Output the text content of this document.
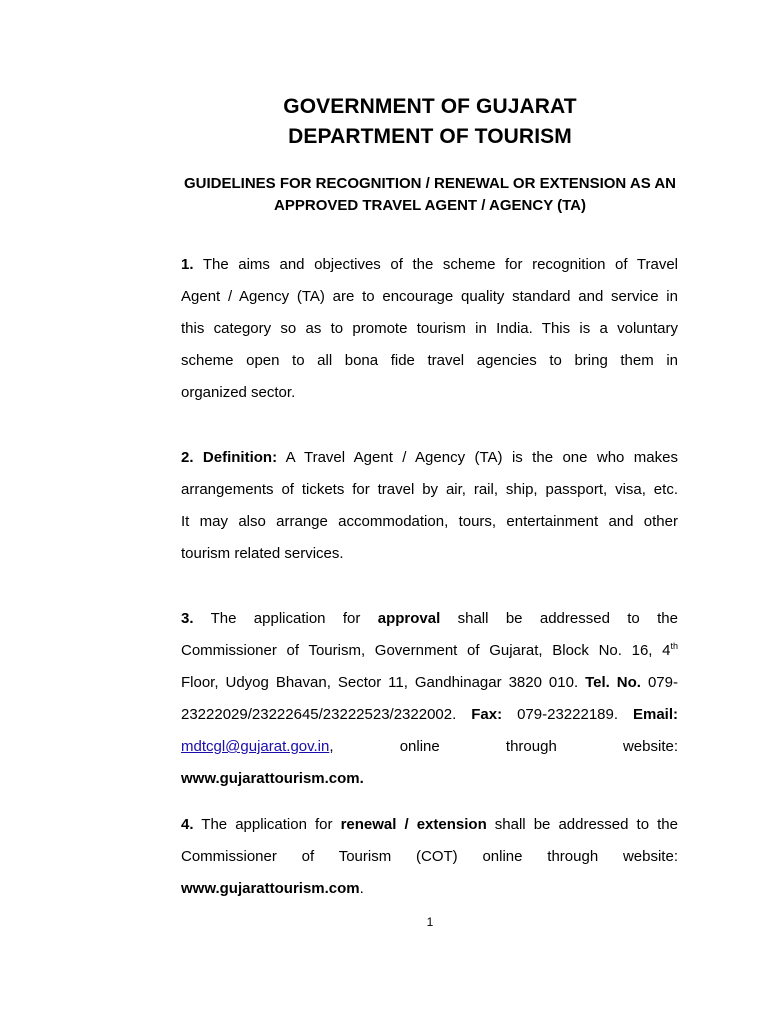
GOVERNMENT OF GUJARAT
DEPARTMENT OF TOURISM
GUIDELINES FOR RECOGNITION / RENEWAL OR EXTENSION AS AN
APPROVED TRAVEL AGENT / AGENCY (TA)
1. The aims and objectives of the scheme for recognition of Travel
Agent / Agency (TA) are to encourage quality standard and service in
this category so as to promote tourism in India. This is a voluntary
scheme open to all bona fide travel agencies to bring them in
organized sector.
2. Definition: A Travel Agent / Agency (TA) is the one who makes
arrangements of tickets for travel by air, rail, ship, passport, visa, etc.
It may also arrange accommodation, tours, entertainment and other
tourism related services.
3. The application for approval shall be addressed to the
Commissioner of Tourism, Government of Gujarat, Block No. 16, 4th
Floor, Udyog Bhavan, Sector 11, Gandhinagar 3820 010. Tel. No. 079-
23222029/23222645/23222523/2322002. Fax: 079-23222189. Email:
mdtcgl@gujarat.gov.in , online through website:
www.gujarattourism.com.
4. The application for renewal / extension shall be addressed to the
Commissioner of Tourism (COT) online through website:
www.gujarattourism.com.
1
